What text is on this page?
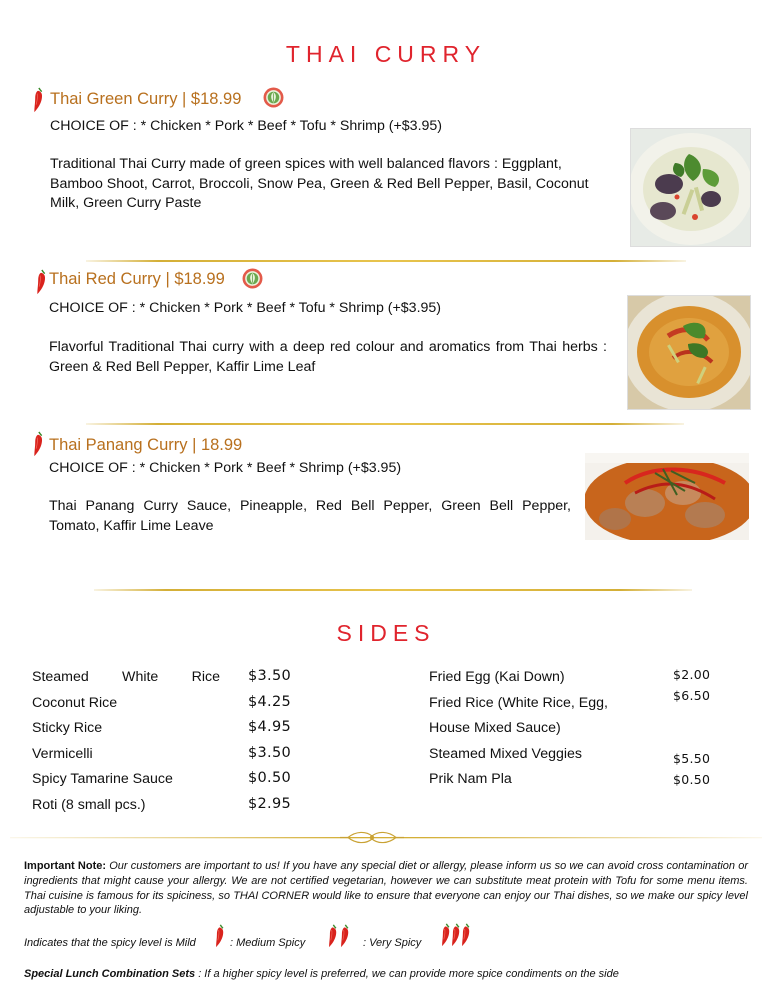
THAI CURRY
Thai Green Curry | $18.99
CHOICE OF : * Chicken * Pork * Beef * Tofu * Shrimp (+$3.95)
Traditional Thai Curry made of green spices with well balanced flavors : Eggplant, Bamboo Shoot, Carrot, Broccoli, Snow Pea, Green & Red Bell Pepper, Basil, Coconut Milk, Green Curry Paste
Thai Red Curry | $18.99
CHOICE OF : * Chicken * Pork * Beef * Tofu * Shrimp (+$3.95)
Flavorful Traditional Thai curry with a deep red colour and aromatics from Thai herbs : Green & Red Bell Pepper, Kaffir Lime Leaf
Thai Panang Curry | 18.99
CHOICE OF : * Chicken * Pork * Beef * Shrimp (+$3.95)
Thai Panang Curry Sauce, Pineapple, Red Bell Pepper, Green Bell Pepper, Tomato, Kaffir Lime Leave
SIDES
Steamed White Rice $3.50
Coconut Rice	$4.25
Sticky Rice	$4.95
Vermicelli	$3.50
Spicy Tamarine Sauce	$0.50
Roti (8 small pcs.)	$2.95
Fried Egg (Kai Down)	$2.00
Fried Rice (White Rice, Egg,	$6.50
House Mixed Sauce)
Steamed Mixed Veggies	$5.50
Prik Nam Pla	$0.50
Important Note: Our customers are important to us! If you have any special diet or allergy, please inform us so we can avoid cross contamination or ingredients that might cause your allergy. We are not certified vegetarian, however we can substitute meat protein with Tofu for some menu items. Thai cuisine is famous for its spiciness, so THAI CORNER would like to ensure that everyone can enjoy our Thai dishes, so we make our spicy level adjustable to your liking.
Indicates that the spicy level is Mild	: Medium Spicy	: Very Spicy
Special Lunch Combination Sets : If a higher spicy level is preferred, we can provide more spice condiments on the side
